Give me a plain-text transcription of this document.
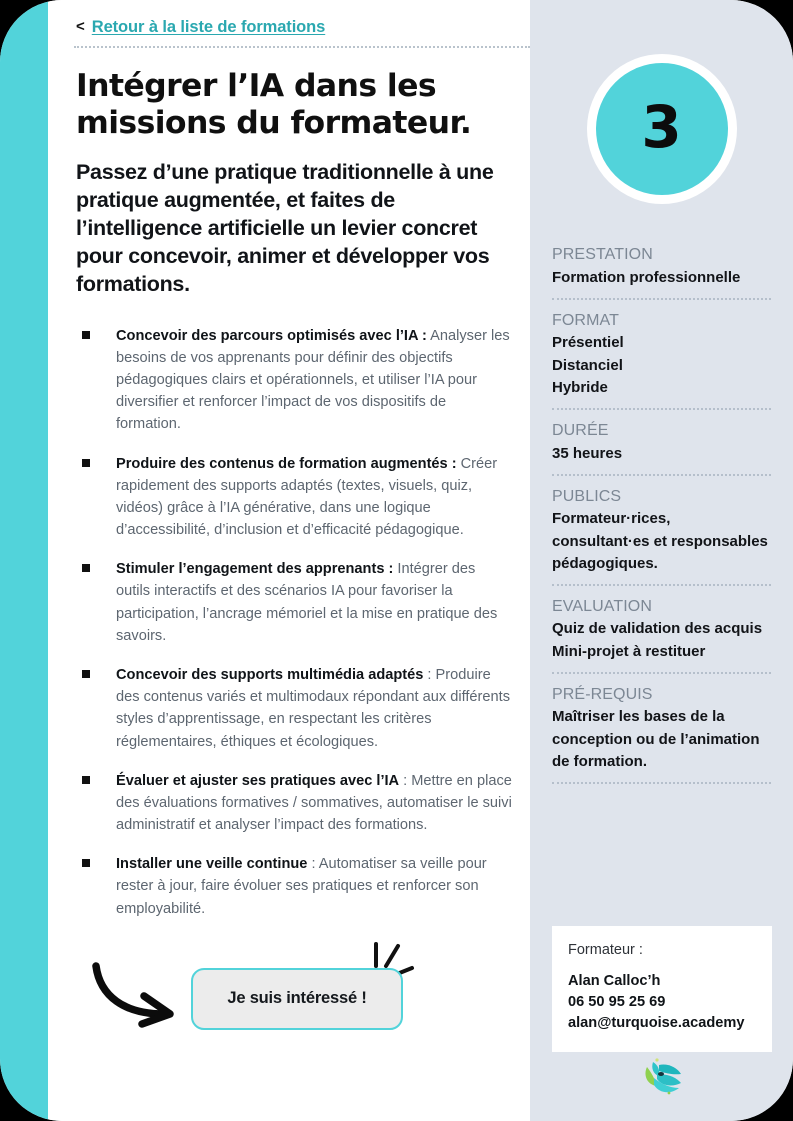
< Retour à la liste de formations
Intégrer l’IA dans les missions du formateur.
Passez d’une pratique traditionnelle à une pratique augmentée, et faites de l’intelligence artificielle un levier concret pour concevoir, animer et développer vos formations.
Concevoir des parcours optimisés avec l’IA : Analyser les besoins de vos apprenants pour définir des objectifs pédagogiques clairs et opérationnels, et utiliser l’IA pour diversifier et renforcer l’impact de vos dispositifs de formation.
Produire des contenus de formation augmentés : Créer rapidement des supports adaptés (textes, visuels, quiz, vidéos) grâce à l’IA générative, dans une logique d’accessibilité, d’inclusion et d’efficacité pédagogique.
Stimuler l’engagement des apprenants : Intégrer des outils interactifs et des scénarios IA pour favoriser la participation, l’ancrage mémoriel et la mise en pratique des savoirs.
Concevoir des supports multimédia adaptés : Produire des contenus variés et multimodaux répondant aux différents styles d’apprentissage, en respectant les critères réglementaires, éthiques et écologiques.
Évaluer et ajuster ses pratiques avec l’IA : Mettre en place des évaluations formatives / sommatives, automatiser le suivi administratif et analyser l’impact des formations.
Installer une veille continue : Automatiser sa veille pour rester à jour, faire évoluer ses pratiques et renforcer son employabilité.
Je suis intéressé !
3
PRESTATION
Formation professionnelle
FORMAT
Présentiel
Distanciel
Hybride
DURÉE
35 heures
PUBLICS
Formateur·rices, consultant·es et responsables pédagogiques.
EVALUATION
Quiz de validation des acquis
Mini-projet à restituer
PRÉ-REQUIS
Maîtriser les bases de la conception ou de l’animation de formation.
Formateur :
Alan Calloc’h
06 50 95 25 69
alan@turquoise.academy
